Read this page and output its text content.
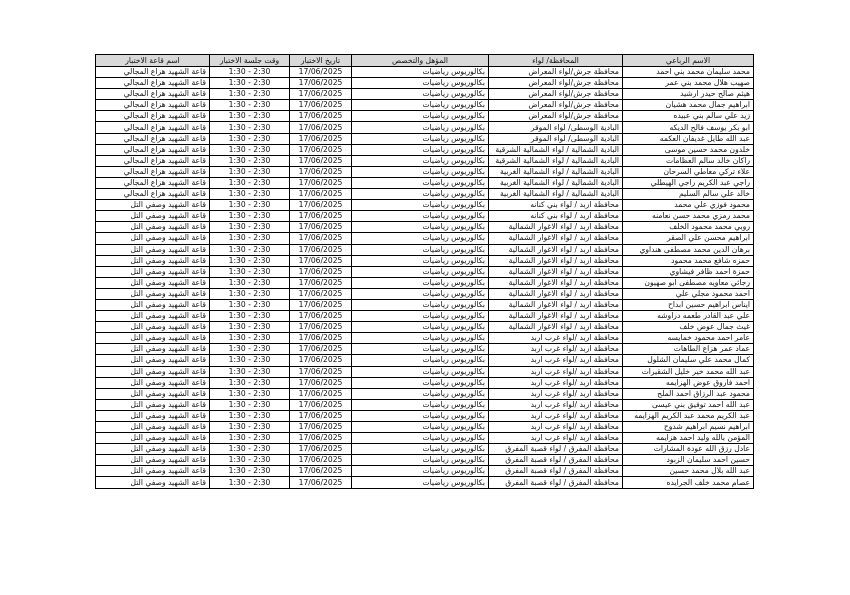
الاسم الرباعي	المحافظة/ لواء	المؤهل والتخصص	تاريخ الاختبار	وقت جلسة الاختبار	اسم قاعة الاختبار
محمد سليمان محمد بني احمد	محافظة جرش/لواء المعراض	بكالوريوس رياضيات	17/06/2025	2:30 - 1:30	قاعة الشهيد هزاع المجالي
صهيب هلال محمد بني عمر	محافظة جرش/لواء المعراض	بكالوريوس رياضيات	17/06/2025	2:30 - 1:30	قاعة الشهيد هزاع المجالي
هيثم صالح حيدر ارشيد	محافظة جرش/لواء المعراض	بكالوريوس رياضيات	17/06/2025	2:30 - 1:30	قاعة الشهيد هزاع المجالي
ابراهيم جمال محمد هشيان	محافظة جرش/لواء المعراض	بكالوريوس رياضيات	17/06/2025	2:30 - 1:30	قاعة الشهيد هزاع المجالي
زيد علي سالم بني عبيده	محافظة جرش/لواء المعراض	بكالوريوس رياضيات	17/06/2025	2:30 - 1:30	قاعة الشهيد هزاع المجالي
ابو بكر يوسف فالح الديكه	البادية الوسطى/ لواء الموقر	بكالوريوس رياضيات	17/06/2025	2:30 - 1:30	قاعة الشهيد هزاع المجالي
عبد الله طايل غديفان العكمه	البادية الوسطى/ لواء الموقر	بكالوريوس رياضيات	17/06/2025	2:30 - 1:30	قاعة الشهيد هزاع المجالي
خلدون محمد حسين موسى	البادية الشمالية / لواء الشمالية الشرقية	بكالوريوس رياضيات	17/06/2025	2:30 - 1:30	قاعة الشهيد هزاع المجالي
راكان خالد سالم العظامات	البادية الشمالية / لواء الشمالية الشرقية	بكالوريوس رياضيات	17/06/2025	2:30 - 1:30	قاعة الشهيد هزاع المجالي
علاء تركي معاطي السرحان	البادية الشمالية / لواء الشمالية الغربية	بكالوريوس رياضيات	17/06/2025	2:30 - 1:30	قاعة الشهيد هزاع المجالي
راجي عبد الكريم راجي الهيطلي	البادية الشمالية / لواء الشمالية الغربية	بكالوريوس رياضيات	17/06/2025	2:30 - 1:30	قاعة الشهيد هزاع المجالي
خالد علي سالم السليم	البادية الشمالية / لواء الشمالية الغربية	بكالوريوس رياضيات	17/06/2025	2:30 - 1:30	قاعة الشهيد هزاع المجالي
محمود فوزي علي محمد	محافظة اربد / لواء بني كنانه	بكالوريوس رياضيات	17/06/2025	2:30 - 1:30	قاعة الشهيد وصفي التل
محمد رمزي محمد حسن نعامنه	محافظة اربد / لواء بني كنانه	بكالوريوس رياضيات	17/06/2025	2:30 - 1:30	قاعة الشهيد وصفي التل
روبي محمد محمود الخلف	محافظة اربد / لواء الاغوار الشمالية	بكالوريوس رياضيات	17/06/2025	2:30 - 1:30	قاعة الشهيد وصفي التل
ابراهيم محسن علي الصقر	محافظة اربد / لواء الاغوار الشمالية	بكالوريوس رياضيات	17/06/2025	2:30 - 1:30	قاعة الشهيد وصفي التل
برهان الدين محمد مصطفى هنداوي	محافظة اربد / لواء الاغوار الشمالية	بكالوريوس رياضيات	17/06/2025	2:30 - 1:30	قاعة الشهيد وصفي التل
حمزه شافع محمد محمود	محافظة اربد / لواء الاغوار الشمالية	بكالوريوس رياضيات	17/06/2025	2:30 - 1:30	قاعة الشهيد وصفي التل
حمزة احمد ظافر فيشاوي	محافظة اربد / لواء الاغوار الشمالية	بكالوريوس رياضيات	17/06/2025	2:30 - 1:30	قاعة الشهيد وصفي التل
رجائي معاويه مصطفى ابو صهيون	محافظة اربد / لواء الاغوار الشمالية	بكالوريوس رياضيات	17/06/2025	2:30 - 1:30	قاعة الشهيد وصفي التل
احمد محمود مجلي علي	محافظة اربد / لواء الاغوار الشمالية	بكالوريوس رياضيات	17/06/2025	2:30 - 1:30	قاعة الشهيد وصفي التل
ايناس ابراهيم حسين ابداح	محافظة اربد / لواء الاغوار الشمالية	بكالوريوس رياضيات	17/06/2025	2:30 - 1:30	قاعة الشهيد وصفي التل
علي عبد القادر طعمه دراوشه	محافظة اربد / لواء الاغوار الشمالية	بكالوريوس رياضيات	17/06/2025	2:30 - 1:30	قاعة الشهيد وصفي التل
غيث جمال عوض خلف	محافظة اربد / لواء الاغوار الشمالية	بكالوريوس رياضيات	17/06/2025	2:30 - 1:30	قاعة الشهيد وصفي التل
عامر احمد محمود خمايسه	محافظة اربد /لواء غرب اربد	بكالوريوس رياضيات	17/06/2025	2:30 - 1:30	قاعة الشهيد وصفي التل
عماد عمر هزاع الطاهات	محافظة اربد /لواء غرب اربد	بكالوريوس رياضيات	17/06/2025	2:30 - 1:30	قاعة الشهيد وصفي التل
كمال محمد علي سليمان الشلول	محافظة اربد /لواء غرب اربد	بكالوريوس رياضيات	17/06/2025	2:30 - 1:30	قاعة الشهيد وصفي التل
عبد الله محمد خير خليل الشقيرات	محافظة اربد /لواء غرب اربد	بكالوريوس رياضيات	17/06/2025	2:30 - 1:30	قاعة الشهيد وصفي التل
احمد فاروق عوض الهزايمه	محافظة اربد /لواء غرب اربد	بكالوريوس رياضيات	17/06/2025	2:30 - 1:30	قاعة الشهيد وصفي التل
محمود عبد الرزاق احمد الملح	محافظة اربد /لواء غرب اربد	بكالوريوس رياضيات	17/06/2025	2:30 - 1:30	قاعة الشهيد وصفي التل
عبد الله احمد توفيق بني عيسى	محافظة اربد /لواء غرب اربد	بكالوريوس رياضيات	17/06/2025	2:30 - 1:30	قاعة الشهيد وصفي التل
عبد الكريم محمد عبد الكريم الهزايمه	محافظة اربد /لواء غرب اربد	بكالوريوس رياضيات	17/06/2025	2:30 - 1:30	قاعة الشهيد وصفي التل
ابراهيم نسيم ابراهيم شدوح	محافظة اربد /لواء غرب اربد	بكالوريوس رياضيات	17/06/2025	2:30 - 1:30	قاعة الشهيد وصفي التل
المؤمن بالله وليد احمد هزايمه	محافظة اربد /لواء غرب اربد	بكالوريوس رياضيات	17/06/2025	2:30 - 1:30	قاعة الشهيد وصفي التل
عادل رزق الله عودة المشارات	محافظة المفرق / لواء قصبة المفرق	بكالوريوس رياضيات	17/06/2025	2:30 - 1:30	قاعة الشهيد وصفي التل
حسين احمد سليمان الزبود	محافظة المفرق / لواء قصبة المفرق	بكالوريوس رياضيات	17/06/2025	2:30 - 1:30	قاعة الشهيد وصفي التل
عبد الله بلال محمد حسين	محافظة المفرق / لواء قصبة المفرق	بكالوريوس رياضيات	17/06/2025	2:30 - 1:30	قاعة الشهيد وصفي التل
عصام محمد خلف الجرايده	محافظة المفرق / لواء قصبة المفرق	بكالوريوس رياضيات	17/06/2025	2:30 - 1:30	قاعة الشهيد وصفي التل
